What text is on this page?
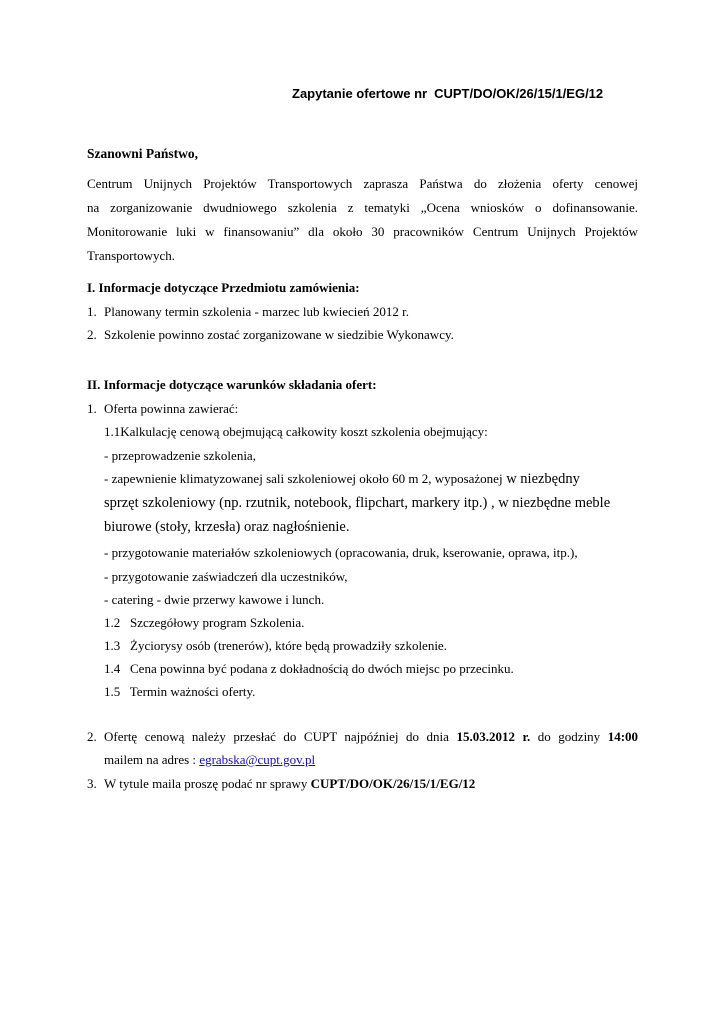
Zapytanie ofertowe nr CUPT/DO/OK/26/15/1/EG/12
Szanowni Państwo,
Centrum Unijnych Projektów Transportowych zaprasza Państwa do złożenia oferty cenowej
na zorganizowanie dwudniowego szkolenia z tematyki „Ocena wniosków o dofinansowanie.
Monitorowanie luki w finansowaniu” dla około 30 pracowników Centrum Unijnych Projektów
Transportowych.
I. Informacje dotyczące Przedmiotu zamówienia:
1. Planowany termin szkolenia - marzec lub kwiecień 2012 r.
2. Szkolenie powinno zostać zorganizowane w siedzibie Wykonawcy.
II. Informacje dotyczące warunków składania ofert:
1. Oferta powinna zawierać:
1.1Kalkulację cenową obejmującą całkowity koszt szkolenia obejmujący:
- przeprowadzenie szkolenia,
- zapewnienie klimatyzowanej sali szkoleniowej około 60 m 2, wyposażonej w niezbędny
sprzęt szkoleniowy (np. rzutnik, notebook, flipchart, markery itp.) , w niezbędne meble
biurowe (stoły, krzesła) oraz nagłośnienie.
- przygotowanie materiałów szkoleniowych (opracowania, druk, kserowanie, oprawa, itp.),
- przygotowanie zaświadczeń dla uczestników,
- catering - dwie przerwy kawowe i lunch.
1.2   Szczegółowy program Szkolenia.
1.3   Życiorysy osób (trenerów), które będą prowadziły szkolenie.
1.4   Cena powinna być podana z dokładnością do dwóch miejsc po przecinku.
1.5   Termin ważności oferty.
2. Ofertę cenową należy przesłać do CUPT najpóźniej do dnia 15.03.2012 r. do godziny 14:00
mailem na adres : egrabska@cupt.gov.pl
3. W tytule maila proszę podać nr sprawy CUPT/DO/OK/26/15/1/EG/12
